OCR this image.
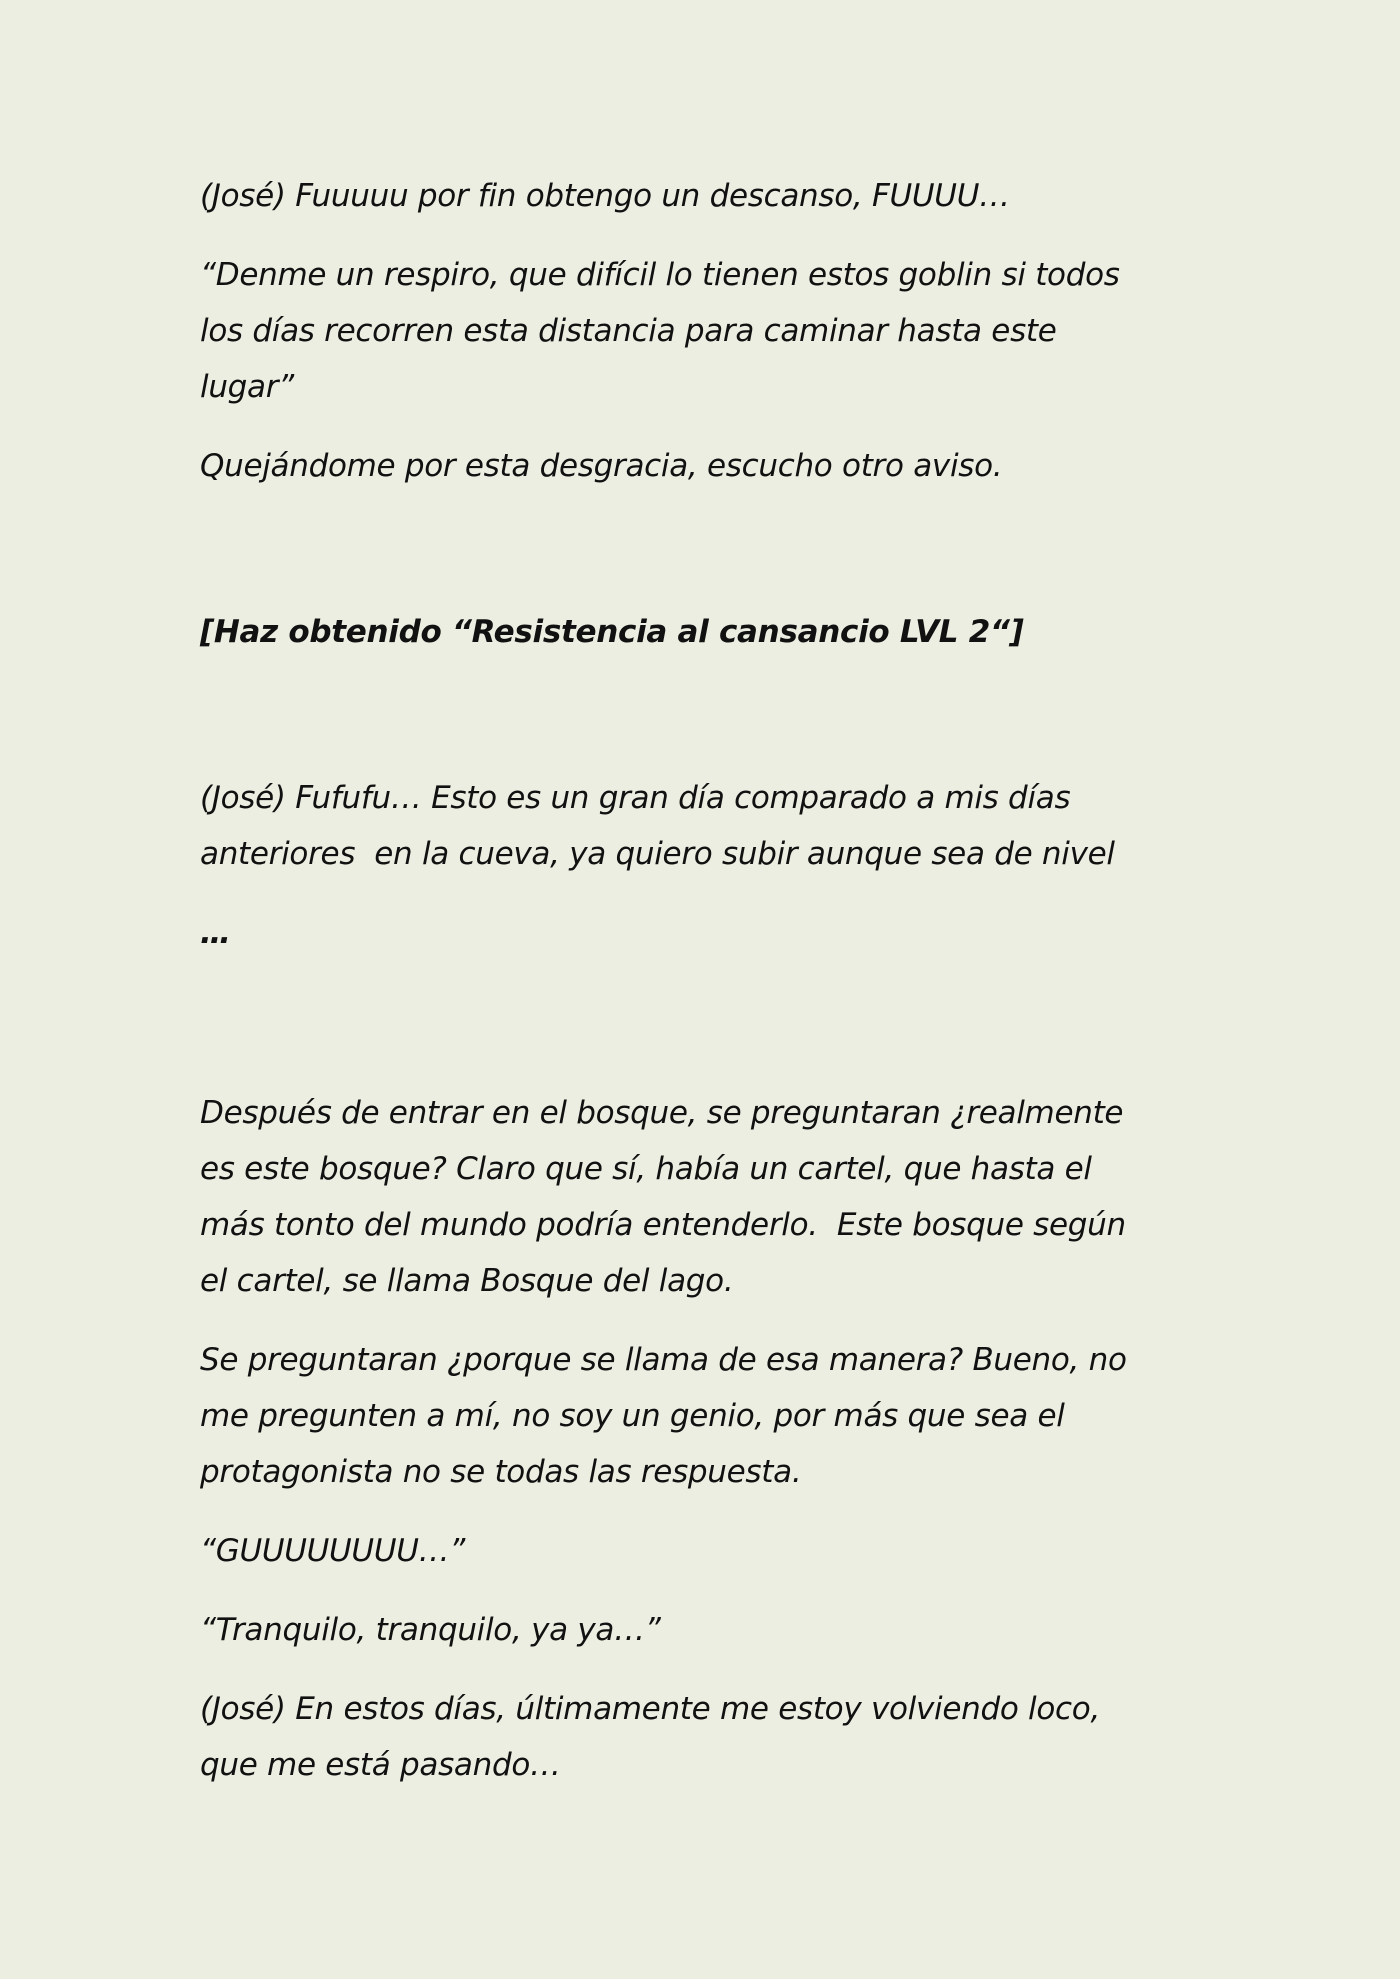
(José) Fuuuuu por fin obtengo un descanso, FUUUU…

“Denme un respiro, que difícil lo tienen estos goblin si todos
los días recorren esta distancia para caminar hasta este
lugar”

Quejándome por esta desgracia, escucho otro aviso.

[Haz obtenido “Resistencia al cansancio LVL 2“]

(José) Fufufu… Esto es un gran día comparado a mis días
anteriores  en la cueva, ya quiero subir aunque sea de nivel

…

Después de entrar en el bosque, se preguntaran ¿realmente
es este bosque? Claro que sí, había un cartel, que hasta el
más tonto del mundo podría entenderlo.  Este bosque según
el cartel, se llama Bosque del lago.

Se preguntaran ¿porque se llama de esa manera? Bueno, no
me pregunten a mí, no soy un genio, por más que sea el
protagonista no se todas las respuesta.

“GUUUUUUUU…”

“Tranquilo, tranquilo, ya ya…”

(José) En estos días, últimamente me estoy volviendo loco,
que me está pasando…
